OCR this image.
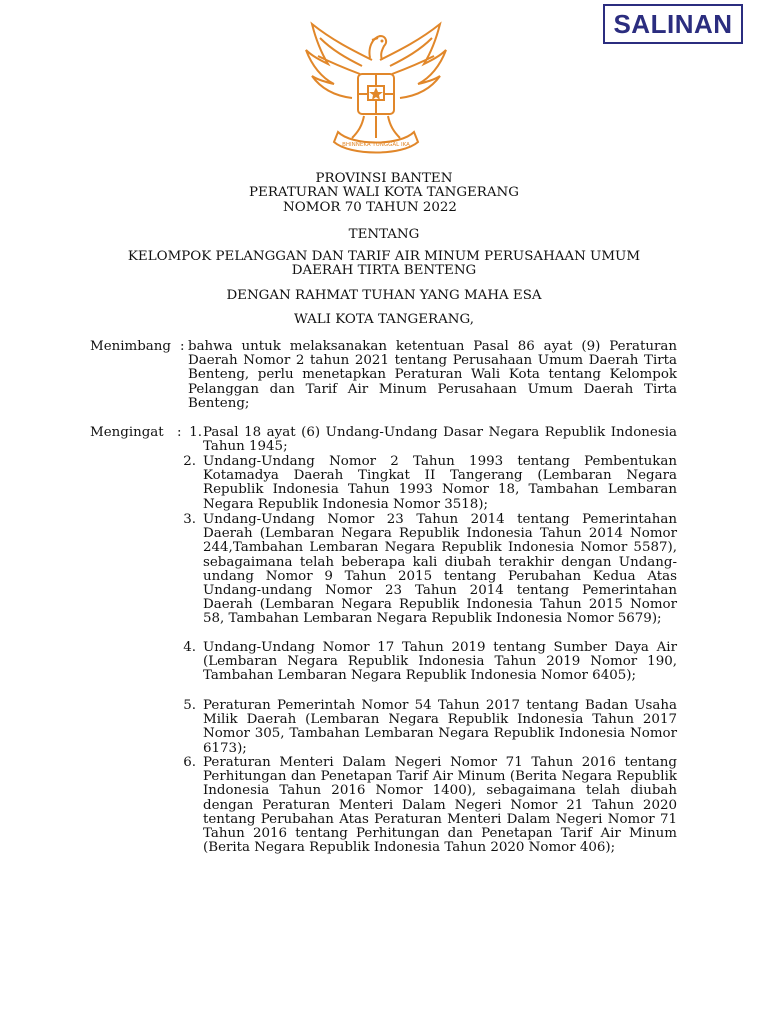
SALINAN
BHINNEKA TUNGGAL IKA
PROVINSI BANTEN
PERATURAN WALI KOTA TANGERANG
NOMOR 70 TAHUN 2022
TENTANG
KELOMPOK PELANGGAN DAN TARIF AIR MINUM PERUSAHAAN UMUM
DAERAH TIRTA BENTENG
DENGAN RAHMAT TUHAN YANG MAHA ESA
WALI KOTA TANGERANG,
Menimbang : bahwa untuk melaksanakan ketentuan Pasal 86 ayat (9) Peraturan Daerah Nomor 2 tahun 2021 tentang Perusahaan Umum Daerah Tirta Benteng, perlu menetapkan Peraturan Wali Kota tentang Kelompok Pelanggan dan Tarif Air Minum Perusahaan Umum Daerah Tirta Benteng;
Mengingat : 1. Pasal 18 ayat (6) Undang-Undang Dasar Negara Republik Indonesia Tahun 1945;
2. Undang-Undang Nomor 2 Tahun 1993 tentang Pembentukan Kotamadya Daerah Tingkat II Tangerang (Lembaran Negara Republik Indonesia Tahun 1993 Nomor 18, Tambahan Lembaran Negara Republik Indonesia Nomor 3518);
3. Undang-Undang Nomor 23 Tahun 2014 tentang Pemerintahan Daerah (Lembaran Negara Republik Indonesia Tahun 2014 Nomor 244,Tambahan Lembaran Negara Republik Indonesia Nomor 5587), sebagaimana telah beberapa kali diubah terakhir dengan Undang-undang Nomor 9 Tahun 2015 tentang Perubahan Kedua Atas Undang-undang Nomor 23 Tahun 2014 tentang Pemerintahan Daerah (Lembaran Negara Republik Indonesia Tahun 2015 Nomor 58, Tambahan Lembaran Negara Republik Indonesia Nomor 5679);
4. Undang-Undang Nomor 17 Tahun 2019 tentang Sumber Daya Air (Lembaran Negara Republik Indonesia Tahun 2019 Nomor 190, Tambahan Lembaran Negara Republik Indonesia Nomor 6405);
5. Peraturan Pemerintah Nomor 54 Tahun 2017 tentang Badan Usaha Milik Daerah (Lembaran Negara Republik Indonesia Tahun 2017 Nomor 305, Tambahan Lembaran Negara Republik Indonesia Nomor 6173);
6. Peraturan Menteri Dalam Negeri Nomor 71 Tahun 2016 tentang Perhitungan dan Penetapan Tarif Air Minum (Berita Negara Republik Indonesia Tahun 2016 Nomor 1400), sebagaimana telah diubah dengan Peraturan Menteri Dalam Negeri Nomor 21 Tahun 2020 tentang Perubahan Atas Peraturan Menteri Dalam Negeri Nomor 71 Tahun 2016 tentang Perhitungan dan Penetapan Tarif Air Minum (Berita Negara Republik Indonesia Tahun 2020 Nomor 406);
